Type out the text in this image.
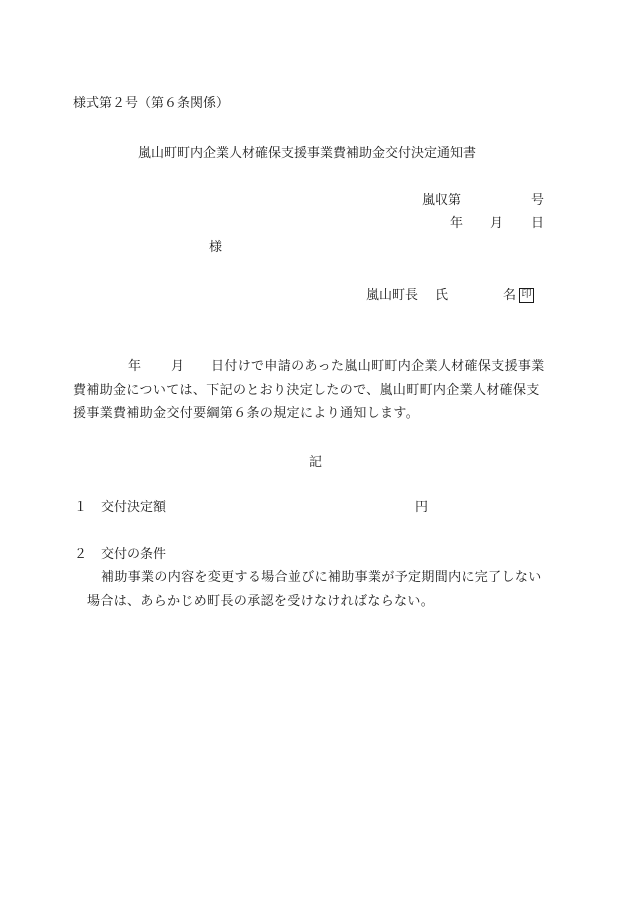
様式第２号（第６条関係）
嵐山町町内企業人材確保支援事業費補助金交付決定通知書
嵐収第	号
年 月 日
様
嵐山町長 氏	名 印
年 月 日付けで申請のあった嵐山町町内企業人材確保支援事業
費補助金については、下記のとおり決定したので、嵐山町町内企業人材確保支
援事業費補助金交付要綱第６条の規定により通知します。
記
１ 交付決定額	円
２ 交付の条件
補助事業の内容を変更する場合並びに補助事業が予定期間内に完了しない
場合は、あらかじめ町長の承認を受けなければならない。
